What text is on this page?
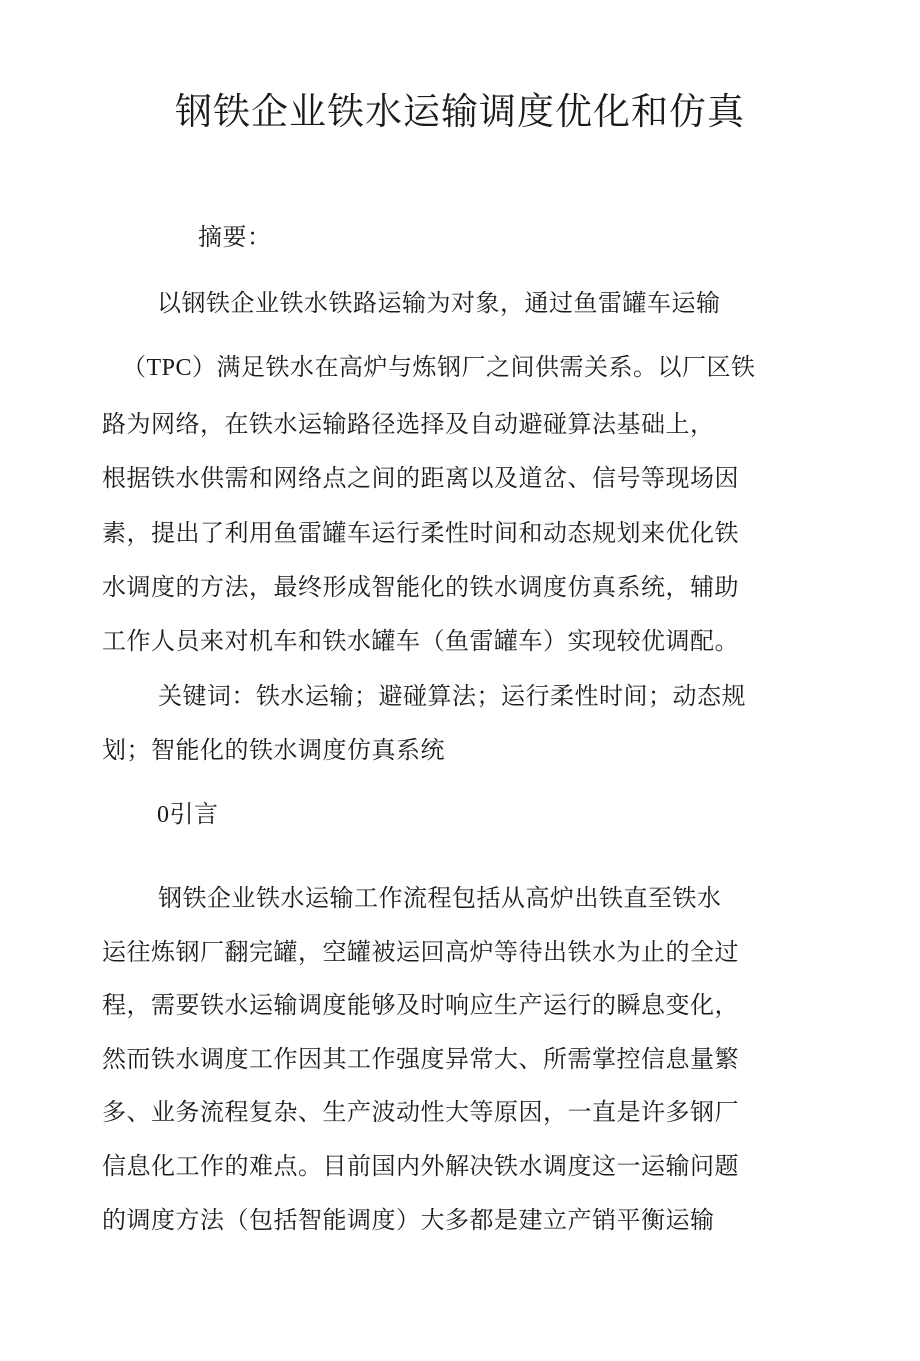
钢铁企业铁水运输调度优化和仿真
摘要：
以钢铁企业铁水铁路运输为对象，通过鱼雷罐车运输
（TPC）满足铁水在高炉与炼钢厂之间供需关系。以厂区铁
路为网络，在铁水运输路径选择及自动避碰算法基础上，
根据铁水供需和网络点之间的距离以及道岔、信号等现场因
素，提出了利用鱼雷罐车运行柔性时间和动态规划来优化铁
水调度的方法，最终形成智能化的铁水调度仿真系统，辅助
工作人员来对机车和铁水罐车（鱼雷罐车）实现较优调配。
关键词：铁水运输；避碰算法；运行柔性时间；动态规
划；智能化的铁水调度仿真系统
0引言
钢铁企业铁水运输工作流程包括从高炉出铁直至铁水
运往炼钢厂翻完罐，空罐被运回高炉等待出铁水为止的全过
程，需要铁水运输调度能够及时响应生产运行的瞬息变化，
然而铁水调度工作因其工作强度异常大、所需掌控信息量繁
多、业务流程复杂、生产波动性大等原因，一直是许多钢厂
信息化工作的难点。目前国内外解决铁水调度这一运输问题
的调度方法（包括智能调度）大多都是建立产销平衡运输
